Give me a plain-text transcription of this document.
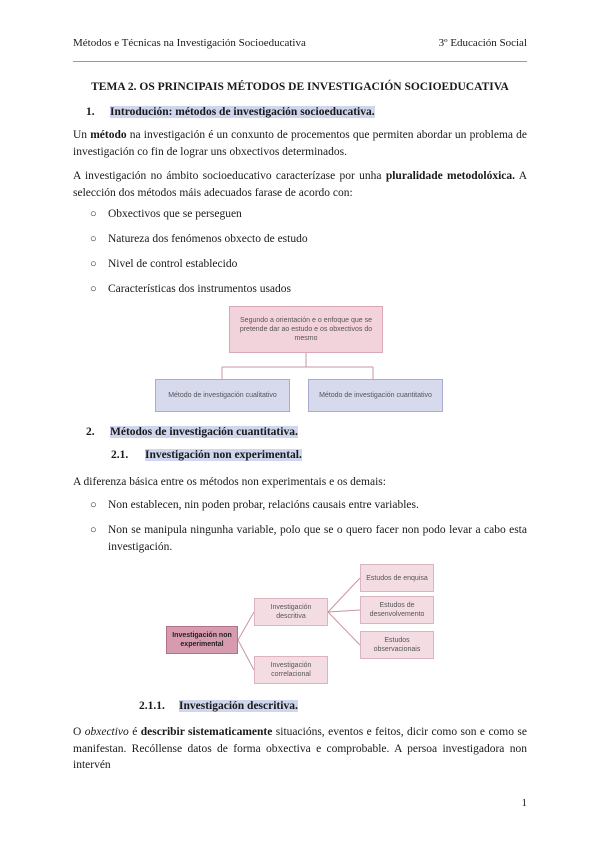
Métodos e Técnicas na Investigación Socioeducativa	3º Educación Social
TEMA 2. OS PRINCIPAIS MÉTODOS DE INVESTIGACIÓN SOCIOEDUCATIVA
1. Introdución: métodos de investigación socioeducativa.
Un método na investigación é un conxunto de procementos que permiten abordar un problema de investigación co fin de lograr uns obxectivos determinados.
A investigación no ámbito socioeducativo caracterízase por unha pluralidade metodolóxica. A selección dos métodos máis adecuados farase de acordo con:
○ Obxectivos que se perseguen
○ Natureza dos fenómenos obxecto de estudo
○ Nivel de control establecido
○ Características dos instrumentos usados
Segundo a orientación e o enfoque que se pretende dar ao estudo e os obxectivos do mesmo
Método de investigación cualitativo	Método de investigación cuantitativo
2. Métodos de investigación cuantitativa.
2.1. Investigación non experimental.
A diferenza básica entre os métodos non experimentais e os demais:
○ Non establecen, nin poden probar, relacións causais entre variables.
○ Non se manipula ningunha variable, polo que se o quero facer non podo levar a cabo esta investigación.
Investigación non experimental
Investigación descritiva
Investigación correlacional
Estudos de enquisa
Estudos de desenvolvemento
Estudos observacionais
2.1.1. Investigación descritiva.
O obxectivo é describir sistematicamente situacións, eventos e feitos, dicir como son e como se manifestan. Recóllense datos de forma obxectiva e comprobable. A persoa investigadora non intervén
1
